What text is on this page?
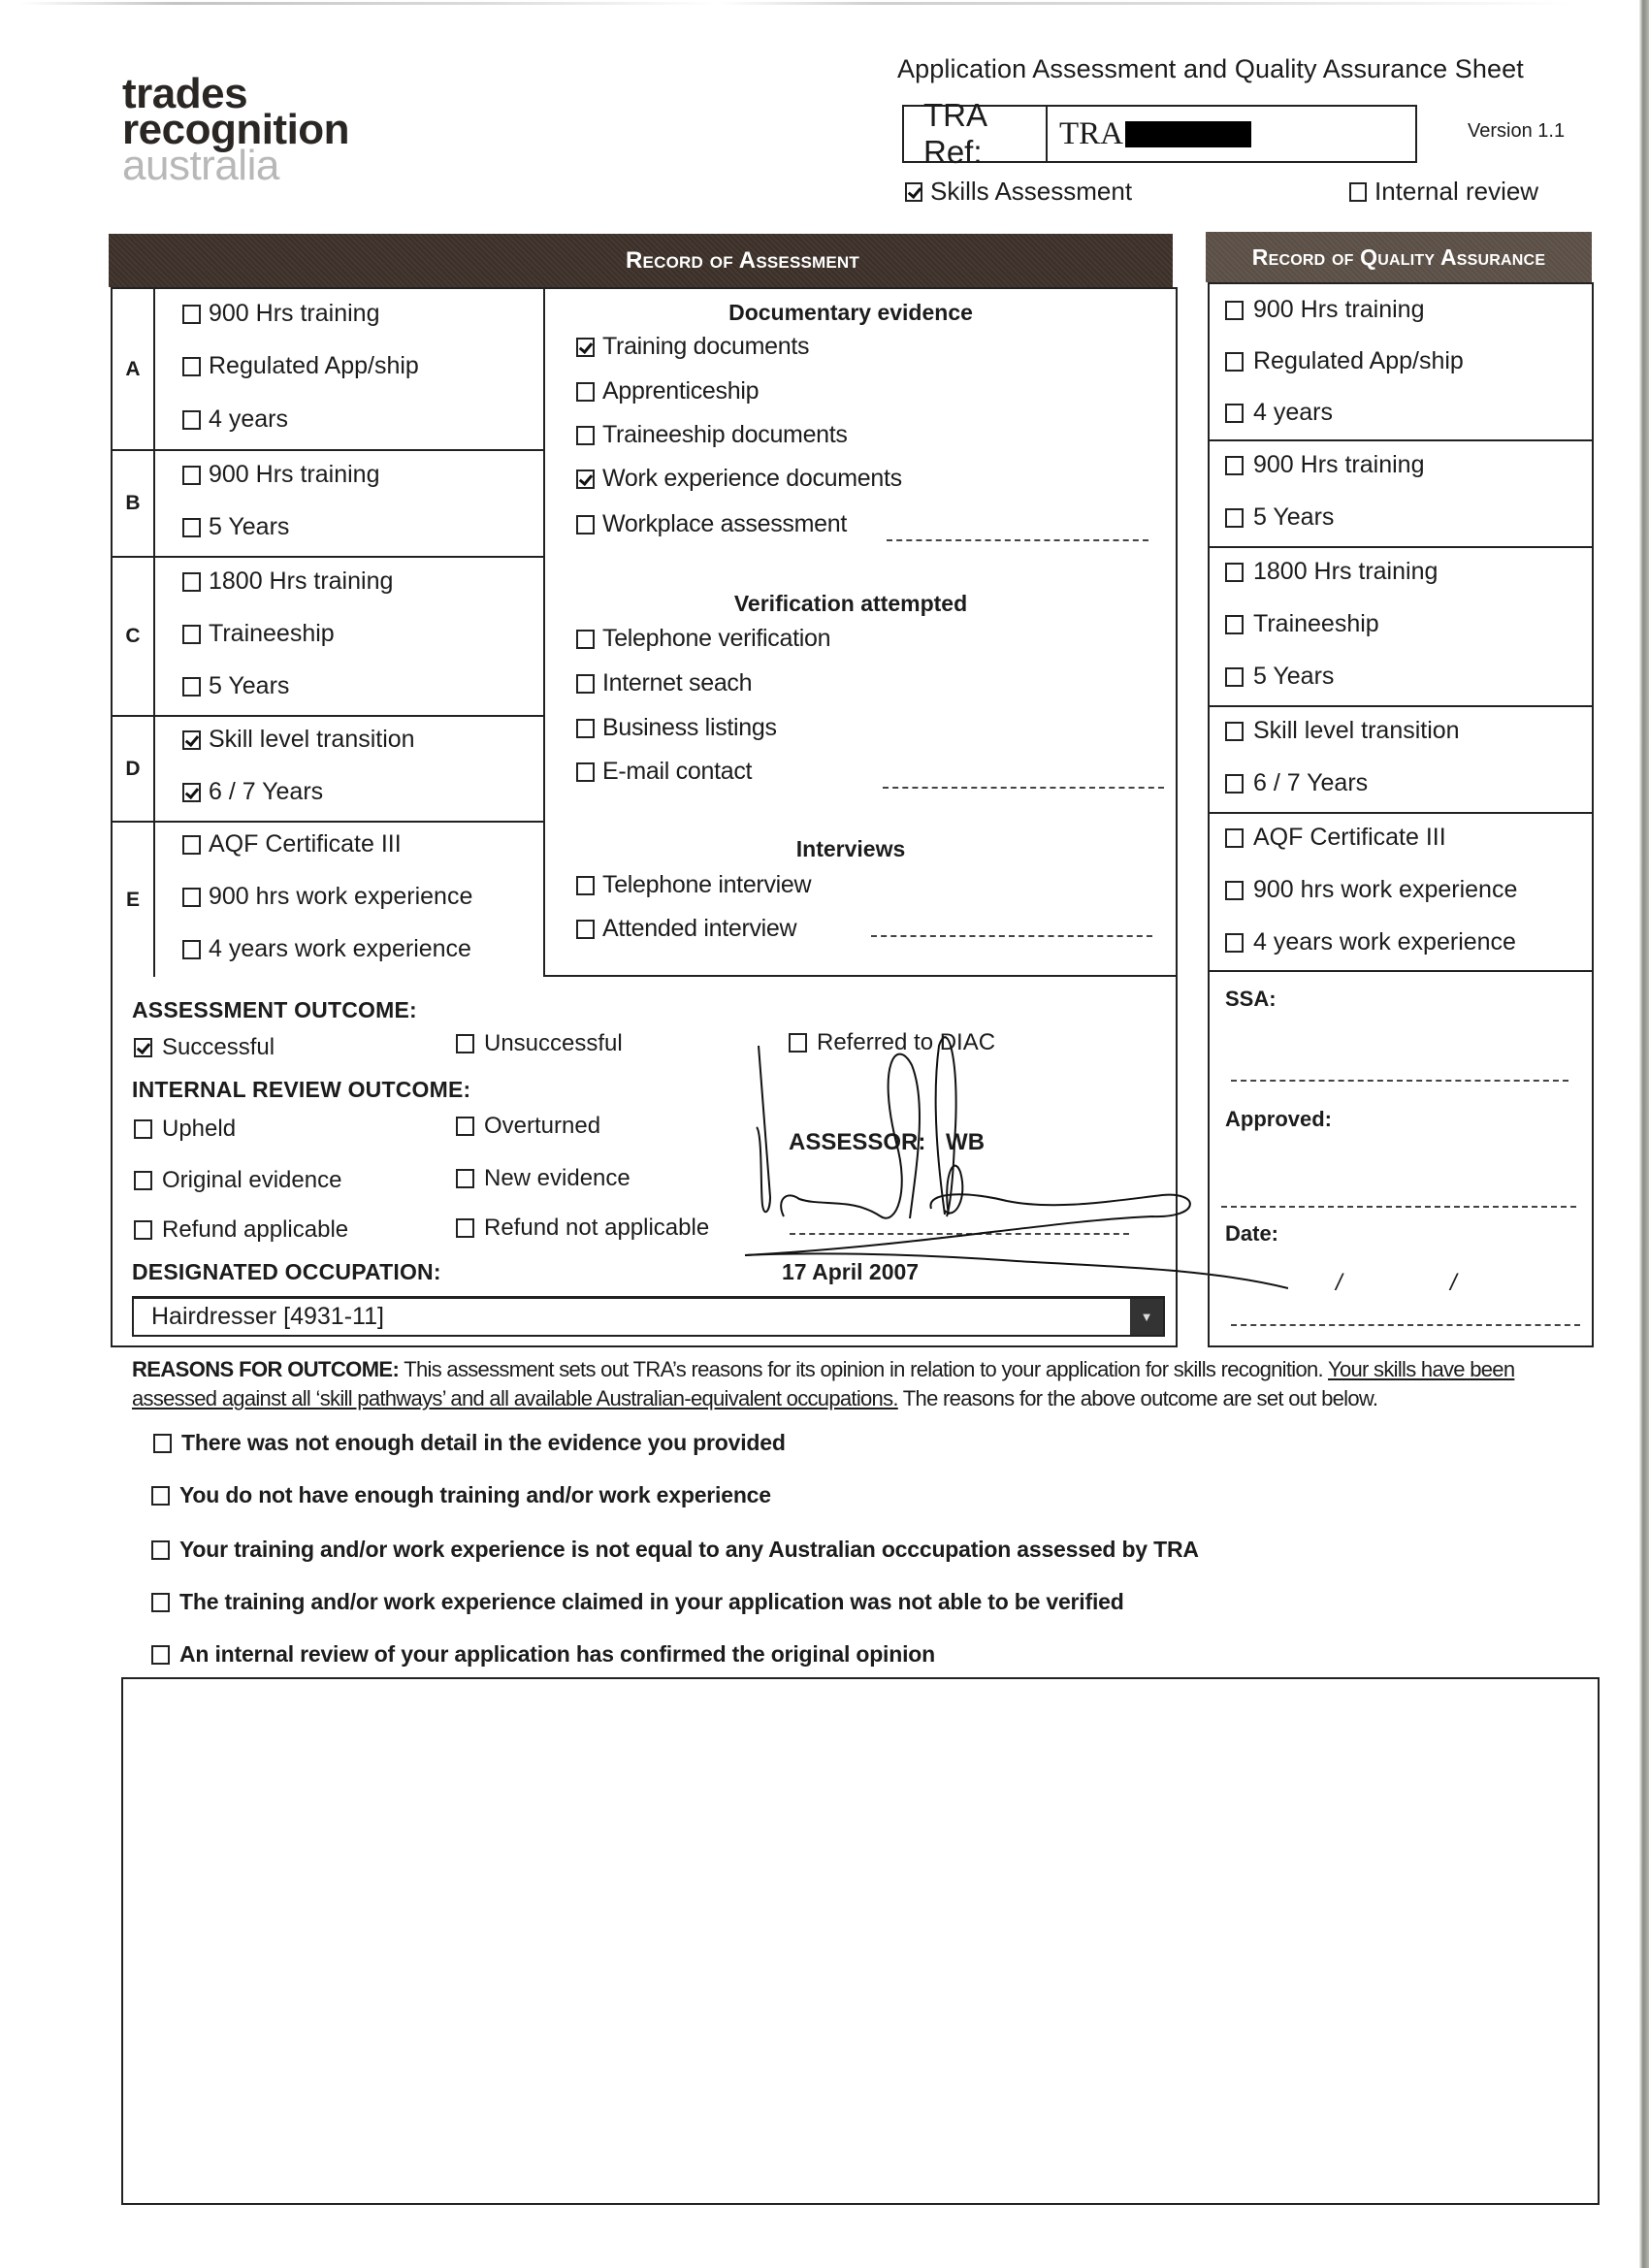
trades
recognition
australia
Application Assessment and Quality Assurance Sheet
TRA Ref:
TRA	Version 1.1
Skills Assessment	Internal review
Record of Assessment	Record of Quality Assurance
A
900 Hrs training
Regulated App/ship
4 years
B
900 Hrs training
5 Years
C
1800 Hrs training
Traineeship
5 Years
D
Skill level transition
6 / 7 Years
E
AQF Certificate III
900 hrs work experience
4 years work experience
Documentary evidence
Training documents
Apprenticeship
Traineeship documents
Work experience documents
Workplace assessment
Verification attempted
Telephone verification
Internet seach
Business listings
E-mail contact
Interviews
Telephone interview
Attended interview
ASSESSMENT OUTCOME:
Successful	Unsuccessful	Referred to DIAC
INTERNAL REVIEW OUTCOME:
Upheld	Overturned
Original evidence	New evidence
Refund applicable	Refund not applicable
ASSESSOR: WB
17 April 2007
DESIGNATED OCCUPATION:
Hairdresser [4931-11]	▼
900 Hrs training
Regulated App/ship
4 years
900 Hrs training
5 Years
1800 Hrs training
Traineeship
5 Years
Skill level transition
6 / 7 Years
AQF Certificate III
900 hrs work experience
4 years work experience
SSA:
Approved:
Date:
/	/
REASONS FOR OUTCOME: This assessment sets out TRA’s reasons for its opinion in relation to your application for skills recognition. Your skills have been assessed against all ‘skill pathways’ and all available Australian-equivalent occupations. The reasons for the above outcome are set out below.
There was not enough detail in the evidence you provided
You do not have enough training and/or work experience
Your training and/or work experience is not equal to any Australian occcupation assessed by TRA
The training and/or work experience claimed in your application was not able to be verified
An internal review of your application has confirmed the original opinion
